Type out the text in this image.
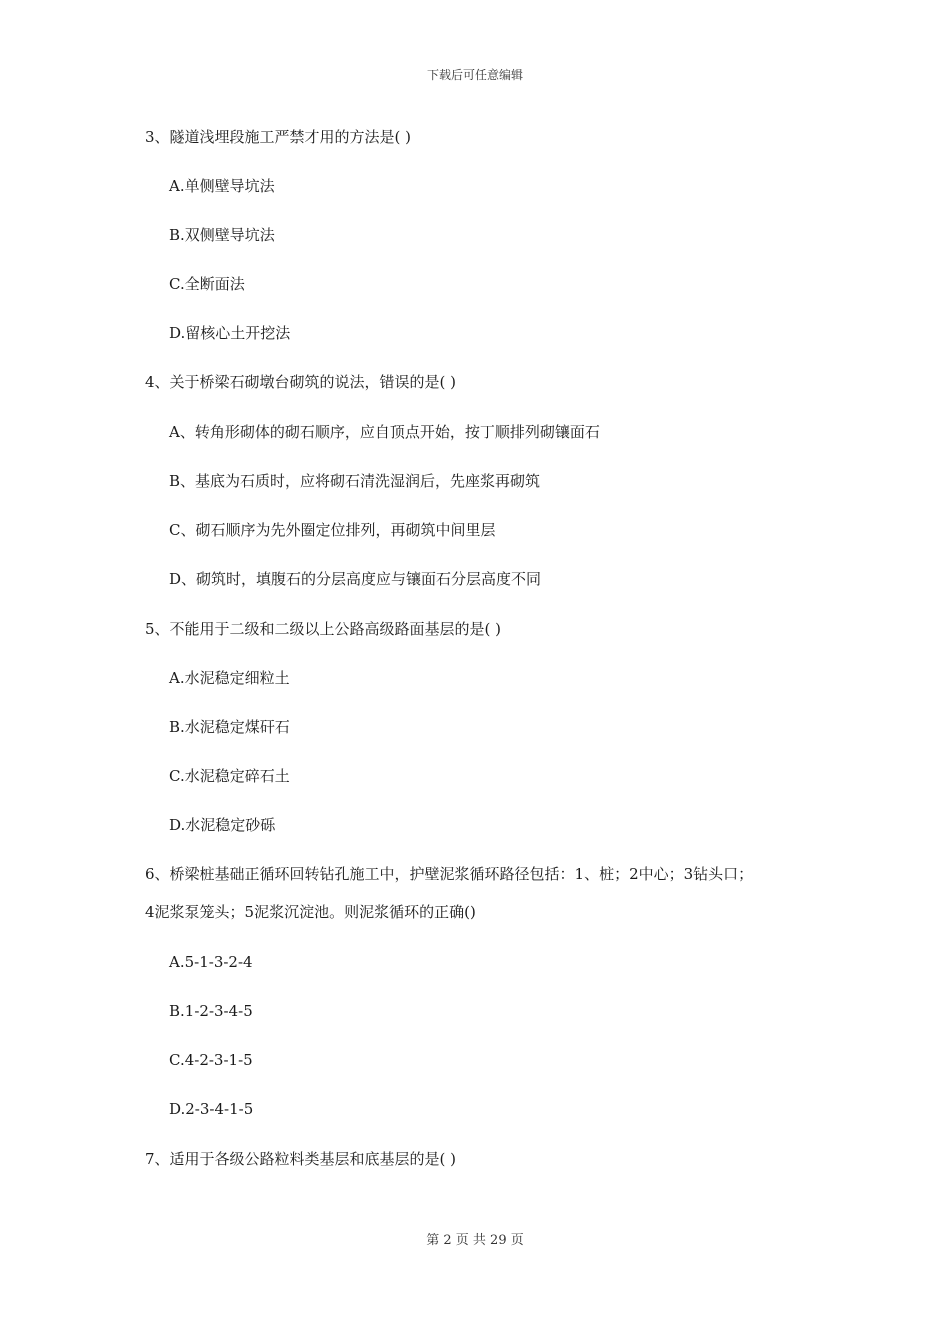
下载后可任意编辑
3、隧道浅埋段施工严禁才用的方法是( )
A.单侧壁导坑法
B.双侧壁导坑法
C.全断面法
D.留核心土开挖法
4、关于桥梁石砌墩台砌筑的说法，错误的是( )
A、转角形砌体的砌石顺序，应自顶点开始，按丁顺排列砌镶面石
B、基底为石质时，应将砌石清洗湿润后，先座浆再砌筑
C、砌石顺序为先外圈定位排列，再砌筑中间里层
D、砌筑时，填腹石的分层高度应与镶面石分层高度不同
5、不能用于二级和二级以上公路高级路面基层的是( )
A.水泥稳定细粒土
B.水泥稳定煤矸石
C.水泥稳定碎石土
D.水泥稳定砂砾
6、桥梁桩基础正循环回转钻孔施工中，护壁泥浆循环路径包括：1、桩；2中心；3钻头口；
4泥浆泵笼头；5泥浆沉淀池。则泥浆循环的正确()
A.5-1-3-2-4
B.1-2-3-4-5
C.4-2-3-1-5
D.2-3-4-1-5
7、适用于各级公路粒料类基层和底基层的是( )
第 2 页 共 29 页
